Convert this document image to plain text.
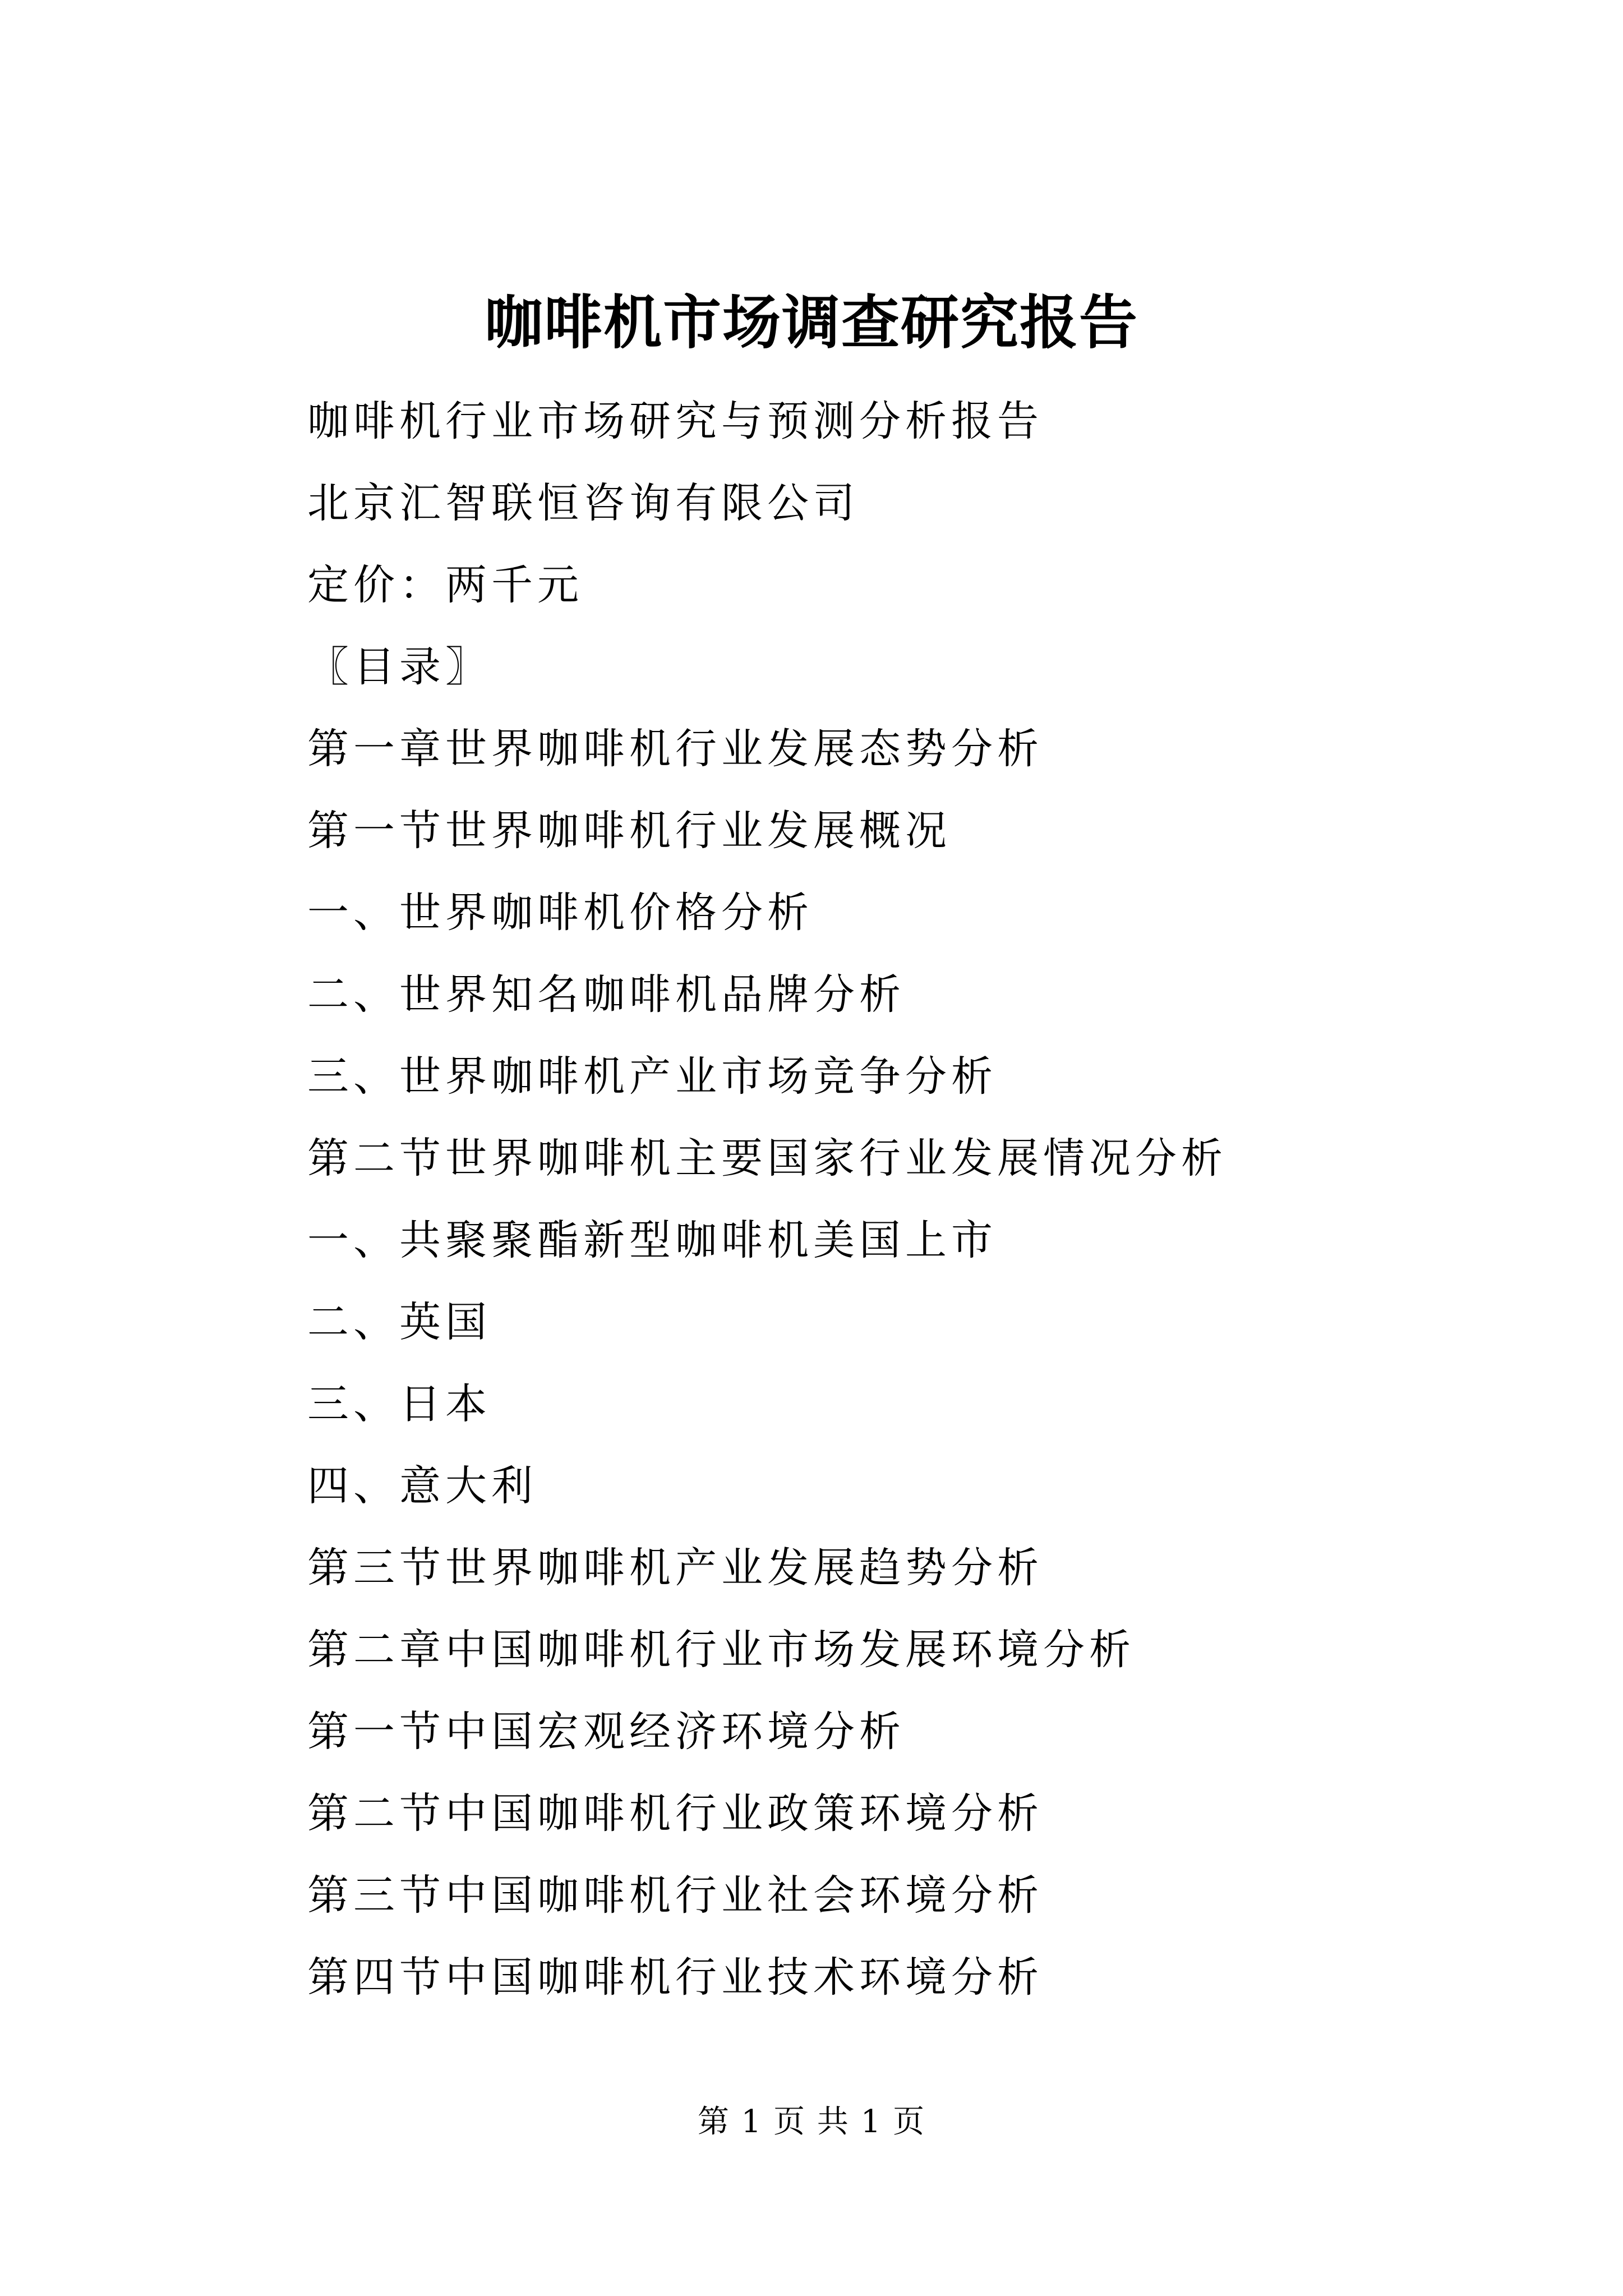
咖啡机市场调查研究报告
咖啡机行业市场研究与预测分析报告
北京汇智联恒咨询有限公司
定价：两千元
〖目录〗
第一章世界咖啡机行业发展态势分析
第一节世界咖啡机行业发展概况
一、世界咖啡机价格分析
二、世界知名咖啡机品牌分析
三、世界咖啡机产业市场竞争分析
第二节世界咖啡机主要国家行业发展情况分析
一、共聚聚酯新型咖啡机美国上市
二、英国
三、日本
四、意大利
第三节世界咖啡机产业发展趋势分析
第二章中国咖啡机行业市场发展环境分析
第一节中国宏观经济环境分析
第二节中国咖啡机行业政策环境分析
第三节中国咖啡机行业社会环境分析
第四节中国咖啡机行业技术环境分析
第 1 页 共 1 页
